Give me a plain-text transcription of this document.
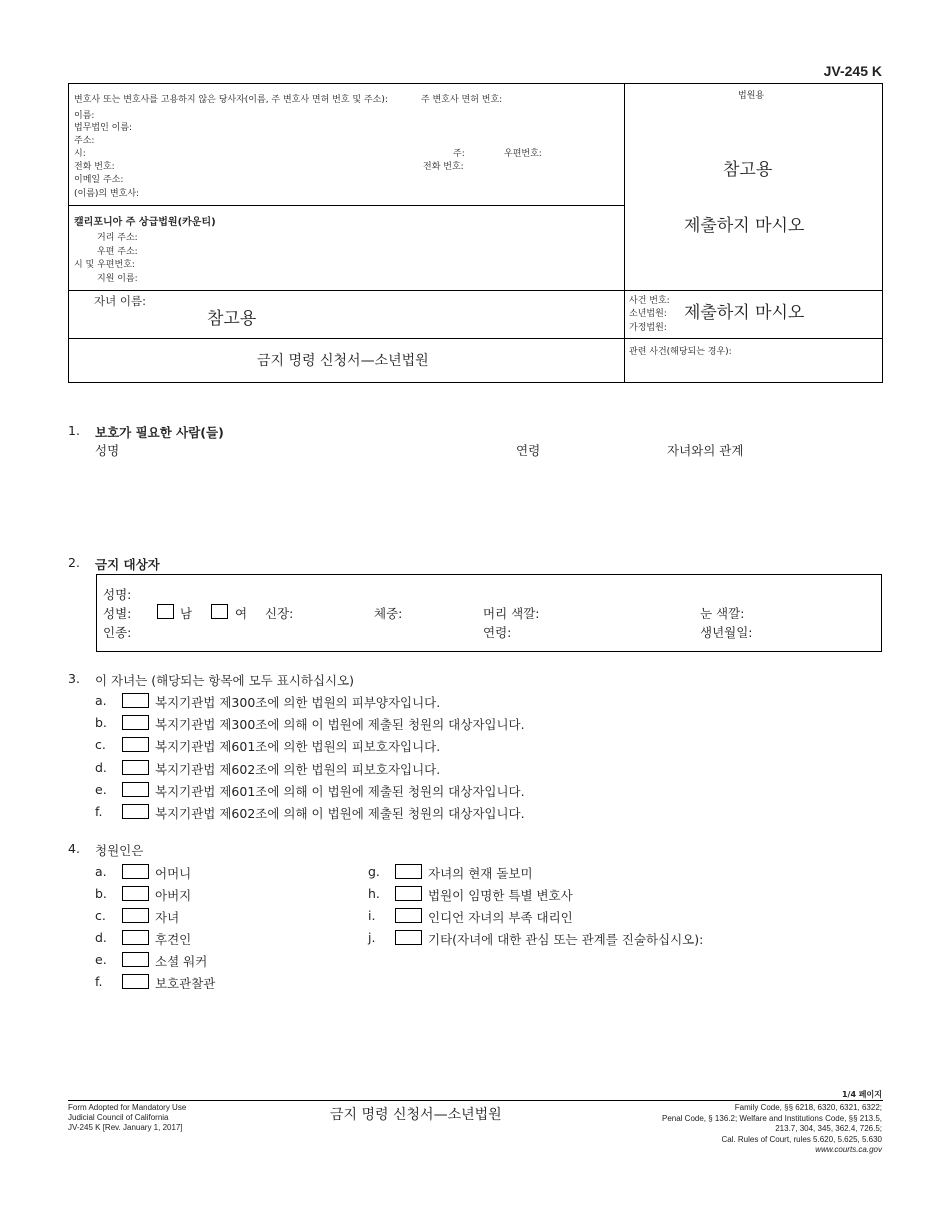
JV-245 K
변호사 또는 변호사를 고용하지 않은 당사자(이름, 주 변호사 면허 번호 및 주소):	주 변호사 면허 번호:
이름:
법무법인 이름:
주소:
시:	주:	우편번호:
전화 번호:	전화 번호:
이메일 주소:
(이름)의 변호사:
법원용
참고용
제출하지 마시오
캘리포니아 주 상급법원(카운티)
거리 주소:
우편 주소:
시 및 우편번호:
지원 이름:
자녀 이름:
참고용
사건 번호:
소년법원:
가정법원:
제출하지 마시오
금지 명령 신청서—소년법원
관련 사건(해당되는 경우):
1. 보호가 필요한 사람(들)
성명	연령	자녀와의 관계
2. 금지 대상자
성명:
성별:	남	여 신장:	체중:	머리 색깔:	눈 색깔:
인종:	연령:	생년월일:
3. 이 자녀는 (해당되는 항목에 모두 표시하십시오)
a.	복지기관법 제300조에 의한 법원의 피부양자입니다.
b.	복지기관법 제300조에 의해 이 법원에 제출된 청원의 대상자입니다.
c.	복지기관법 제601조에 의한 법원의 피보호자입니다.
d.	복지기관법 제602조에 의한 법원의 피보호자입니다.
e.	복지기관법 제601조에 의해 이 법원에 제출된 청원의 대상자입니다.
f.	복지기관법 제602조에 의해 이 법원에 제출된 청원의 대상자입니다.
4. 청원인은
a.	어머니
b.	아버지
c.	자녀
d.	후견인
e.	소셜 워커
f.	보호관찰관
g.	자녀의 현재 돌보미
h.	법원이 임명한 특별 변호사
i.	인디언 자녀의 부족 대리인
j.	기타(자녀에 대한 관심 또는 관계를 진술하십시오):
1/4 페이지
Form Adopted for Mandatory Use
Judicial Council of California
JV-245 K [Rev. January 1, 2017]
금지 명령 신청서—소년법원	Family Code, §§ 6218, 6320, 6321, 6322;
Penal Code, § 136.2; Welfare and Institutions Code, §§ 213.5,
213.7, 304, 345, 362.4, 726.5;
Cal. Rules of Court, rules 5.620, 5.625, 5.630
www.courts.ca.gov
